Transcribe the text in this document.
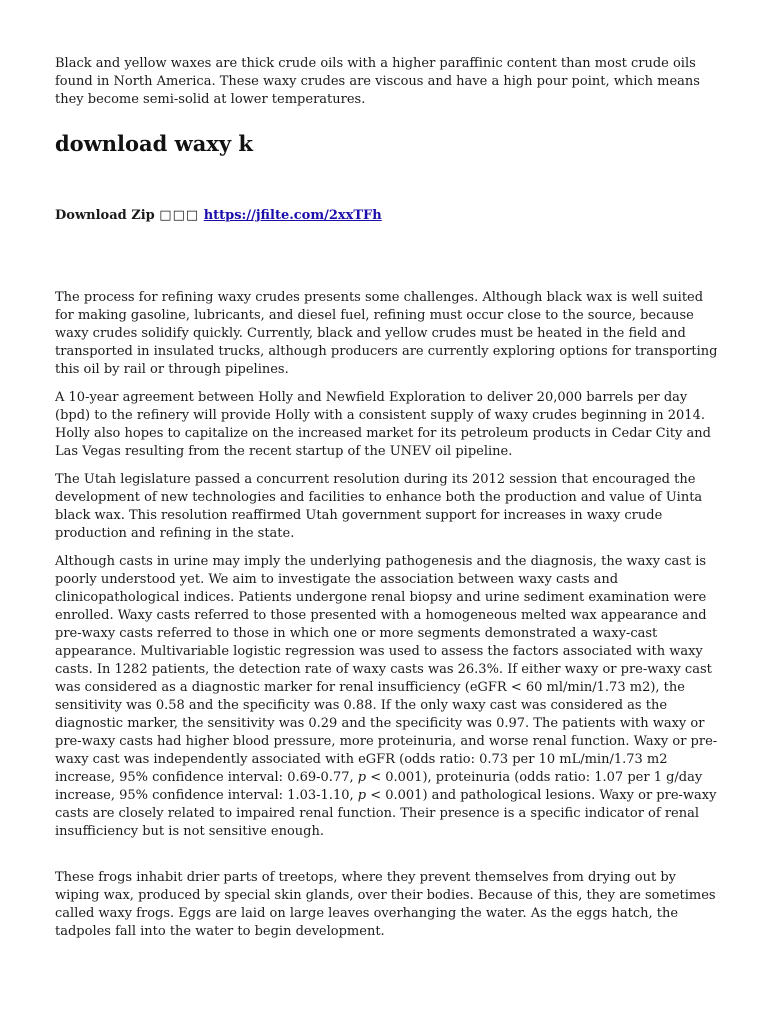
Black and yellow waxes are thick crude oils with a higher paraffinic content than most crude oils found in North America. These waxy crudes are viscous and have a high pour point, which means they become semi-solid at lower temperatures.

download waxy k
Download Zip □□□ https://jfilte.com/2xxTFh

The process for refining waxy crudes presents some challenges. Although black wax is well suited for making gasoline, lubricants, and diesel fuel, refining must occur close to the source, because waxy crudes solidify quickly. Currently, black and yellow crudes must be heated in the field and transported in insulated trucks, although producers are currently exploring options for transporting this oil by rail or through pipelines.

A 10-year agreement between Holly and Newfield Exploration to deliver 20,000 barrels per day (bpd) to the refinery will provide Holly with a consistent supply of waxy crudes beginning in 2014. Holly also hopes to capitalize on the increased market for its petroleum products in Cedar City and Las Vegas resulting from the recent startup of the UNEV oil pipeline.

The Utah legislature passed a concurrent resolution during its 2012 session that encouraged the development of new technologies and facilities to enhance both the production and value of Uinta black wax. This resolution reaffirmed Utah government support for increases in waxy crude production and refining in the state.

Although casts in urine may imply the underlying pathogenesis and the diagnosis, the waxy cast is poorly understood yet. We aim to investigate the association between waxy casts and clinicopathological indices. Patients undergone renal biopsy and urine sediment examination were enrolled. Waxy casts referred to those presented with a homogeneous melted wax appearance and pre-waxy casts referred to those in which one or more segments demonstrated a waxy-cast appearance. Multivariable logistic regression was used to assess the factors associated with waxy casts. In 1282 patients, the detection rate of waxy casts was 26.3%. If either waxy or pre-waxy cast was considered as a diagnostic marker for renal insufficiency (eGFR < 60 ml/min/1.73 m2), the sensitivity was 0.58 and the specificity was 0.88. If the only waxy cast was considered as the diagnostic marker, the sensitivity was 0.29 and the specificity was 0.97. The patients with waxy or pre-waxy casts had higher blood pressure, more proteinuria, and worse renal function. Waxy or pre-waxy cast was independently associated with eGFR (odds ratio: 0.73 per 10 mL/min/1.73 m2 increase, 95% confidence interval: 0.69-0.77, p < 0.001), proteinuria (odds ratio: 1.07 per 1 g/day increase, 95% confidence interval: 1.03-1.10, p < 0.001) and pathological lesions. Waxy or pre-waxy casts are closely related to impaired renal function. Their presence is a specific indicator of renal insufficiency but is not sensitive enough.

These frogs inhabit drier parts of treetops, where they prevent themselves from drying out by wiping wax, produced by special skin glands, over their bodies. Because of this, they are sometimes called waxy frogs. Eggs are laid on large leaves overhanging the water. As the eggs hatch, the tadpoles fall into the water to begin development.
